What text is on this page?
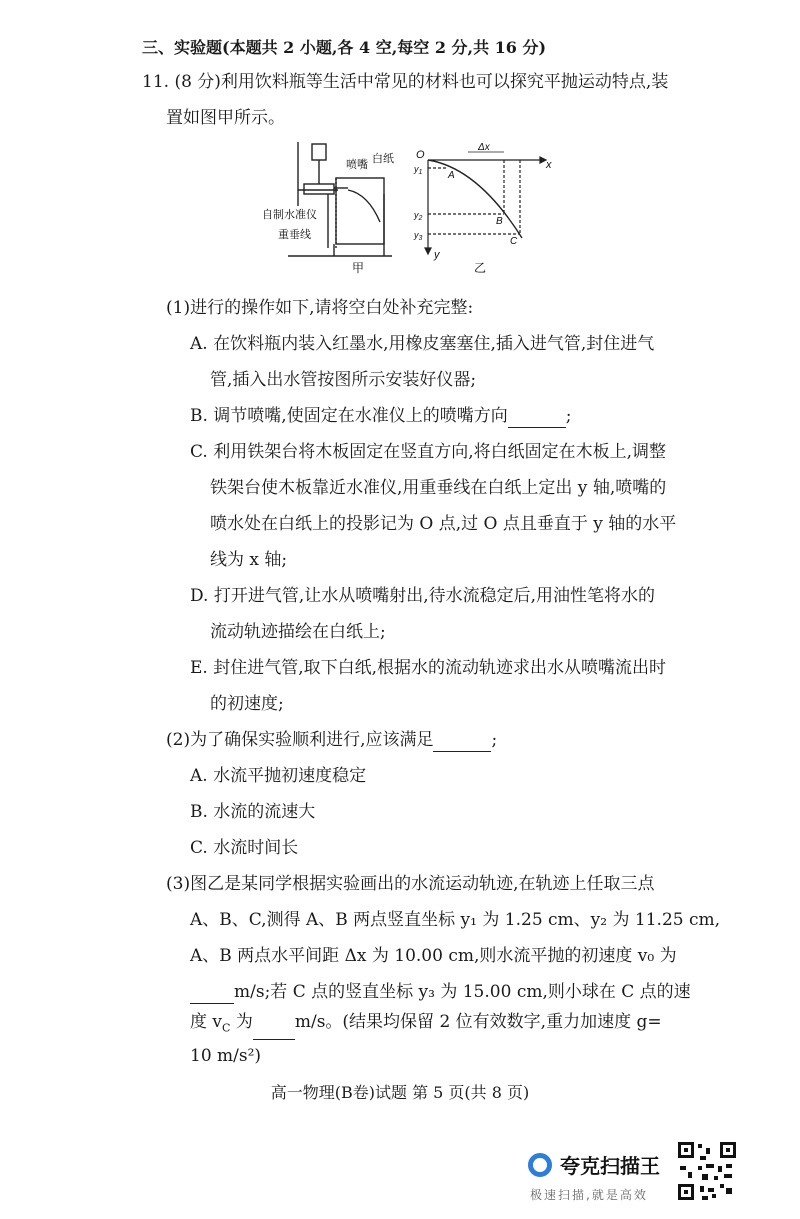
三、实验题(本题共 2 小题,各 4 空,每空 2 分,共 16 分)
11. (8 分)利用饮料瓶等生活中常见的材料也可以探究平抛运动特点,装
置如图甲所示。
喷嘴 白纸
自制水准仪
重垂线
甲
O
x
y
Δx
A
B
C
$y_1$
$y_2$
$y_3$
乙
(1)进行的操作如下,请将空白处补充完整:
A. 在饮料瓶内装入红墨水,用橡皮塞塞住,插入进气管,封住进气
管,插入出水管按图所示安装好仪器;
B. 调节喷嘴,使固定在水准仪上的喷嘴方向	;
C. 利用铁架台将木板固定在竖直方向,将白纸固定在木板上,调整
铁架台使木板靠近水准仪,用重垂线在白纸上定出 y 轴,喷嘴的
喷水处在白纸上的投影记为 O 点,过 O 点且垂直于 y 轴的水平
线为 x 轴;
D. 打开进气管,让水从喷嘴射出,待水流稳定后,用油性笔将水的
流动轨迹描绘在白纸上;
E. 封住进气管,取下白纸,根据水的流动轨迹求出水从喷嘴流出时
的初速度;
(2)为了确保实验顺利进行,应该满足	;
A. 水流平抛初速度稳定
B. 水流的流速大
C. 水流时间长
(3)图乙是某同学根据实验画出的水流运动轨迹,在轨迹上任取三点
A、B、C,测得 A、B 两点竖直坐标 y₁ 为 1.25 cm、y₂ 为 11.25 cm,
A、B 两点水平间距 Δx 为 10.00 cm,则水流平抛的初速度 v₀ 为
m/s;若 C 点的竖直坐标 y₃ 为 15.00 cm,则小球在 C 点的速
度 $v_C$ 为 m/s。(结果均保留 2 位有效数字,重力加速度 g=
高一物理(B卷)试题 第 5 页(共 8 页)
夸克扫描王
极速扫描,就是高效
10 m/s²)
